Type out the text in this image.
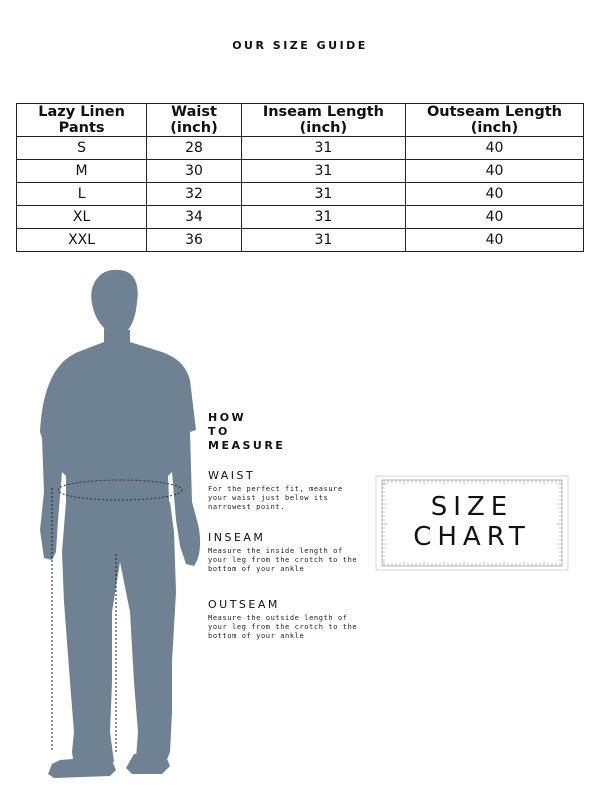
OUR SIZE GUIDE
Lazy Linen Pants	Waist (inch)	Inseam Length (inch)	Outseam Length (inch)
S	28	31	40
M	30	31	40
L	32	31	40
XL	34	31	40
XXL	36	31	40
HOW
TO
MEASURE
WAIST
For the perfect fit, measure your waist just below its narrowest point.
INSEAM
Measure the inside length of your leg from the crotch to the bottom of your ankle
OUTSEAM
Measure the outside length of your leg from the crotch to the bottom of your ankle
SIZE
CHART
